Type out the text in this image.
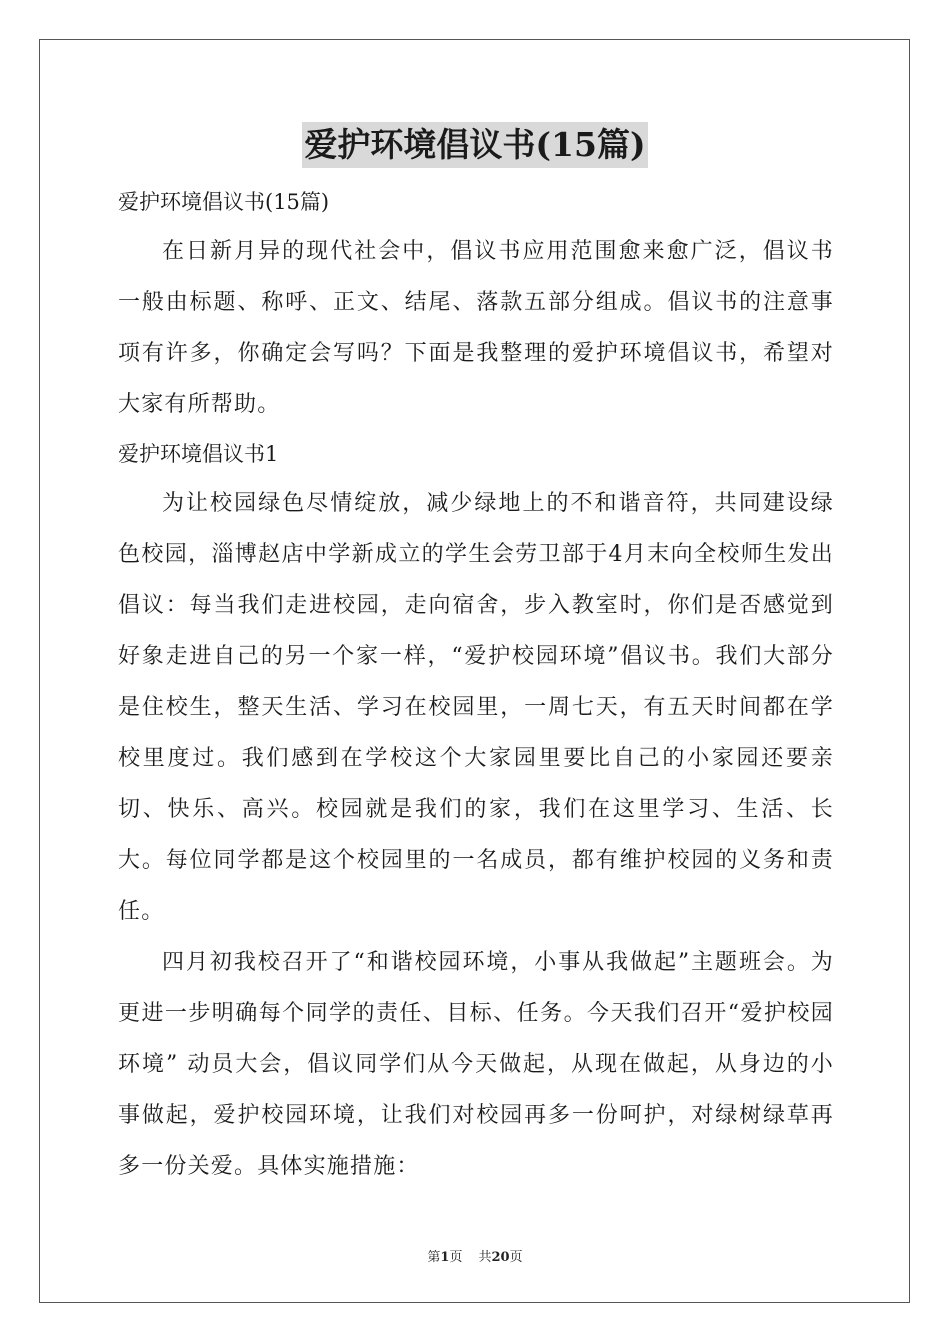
爱护环境倡议书(15篇)

爱护环境倡议书(15篇)

在日新月异的现代社会中，倡议书应用范围愈来愈广泛，倡议书一般由标题、称呼、正文、结尾、落款五部分组成。倡议书的注意事项有许多，你确定会写吗？下面是我整理的爱护环境倡议书，希望对大家有所帮助。

爱护环境倡议书1

为让校园绿色尽情绽放，减少绿地上的不和谐音符，共同建设绿色校园，淄博赵店中学新成立的学生会劳卫部于4月末向全校师生发出倡议：每当我们走进校园，走向宿舍，步入教室时，你们是否感觉到好象走进自己的另一个家一样，“爱护校园环境”倡议书。我们大部分是住校生，整天生活、学习在校园里，一周七天，有五天时间都在学校里度过。我们感到在学校这个大家园里要比自己的小家园还要亲切、快乐、高兴。校园就是我们的家，我们在这里学习、生活、长大。每位同学都是这个校园里的一名成员，都有维护校园的义务和责任。

四月初我校召开了“和谐校园环境，小事从我做起”主题班会。为更进一步明确每个同学的责任、目标、任务。今天我们召开“爱护校园环境” 动员大会，倡议同学们从今天做起，从现在做起，从身边的小事做起，爱护校园环境，让我们对校园再多一份呵护，对绿树绿草再多一份关爱。具体实施措施：

第1页 共20页
